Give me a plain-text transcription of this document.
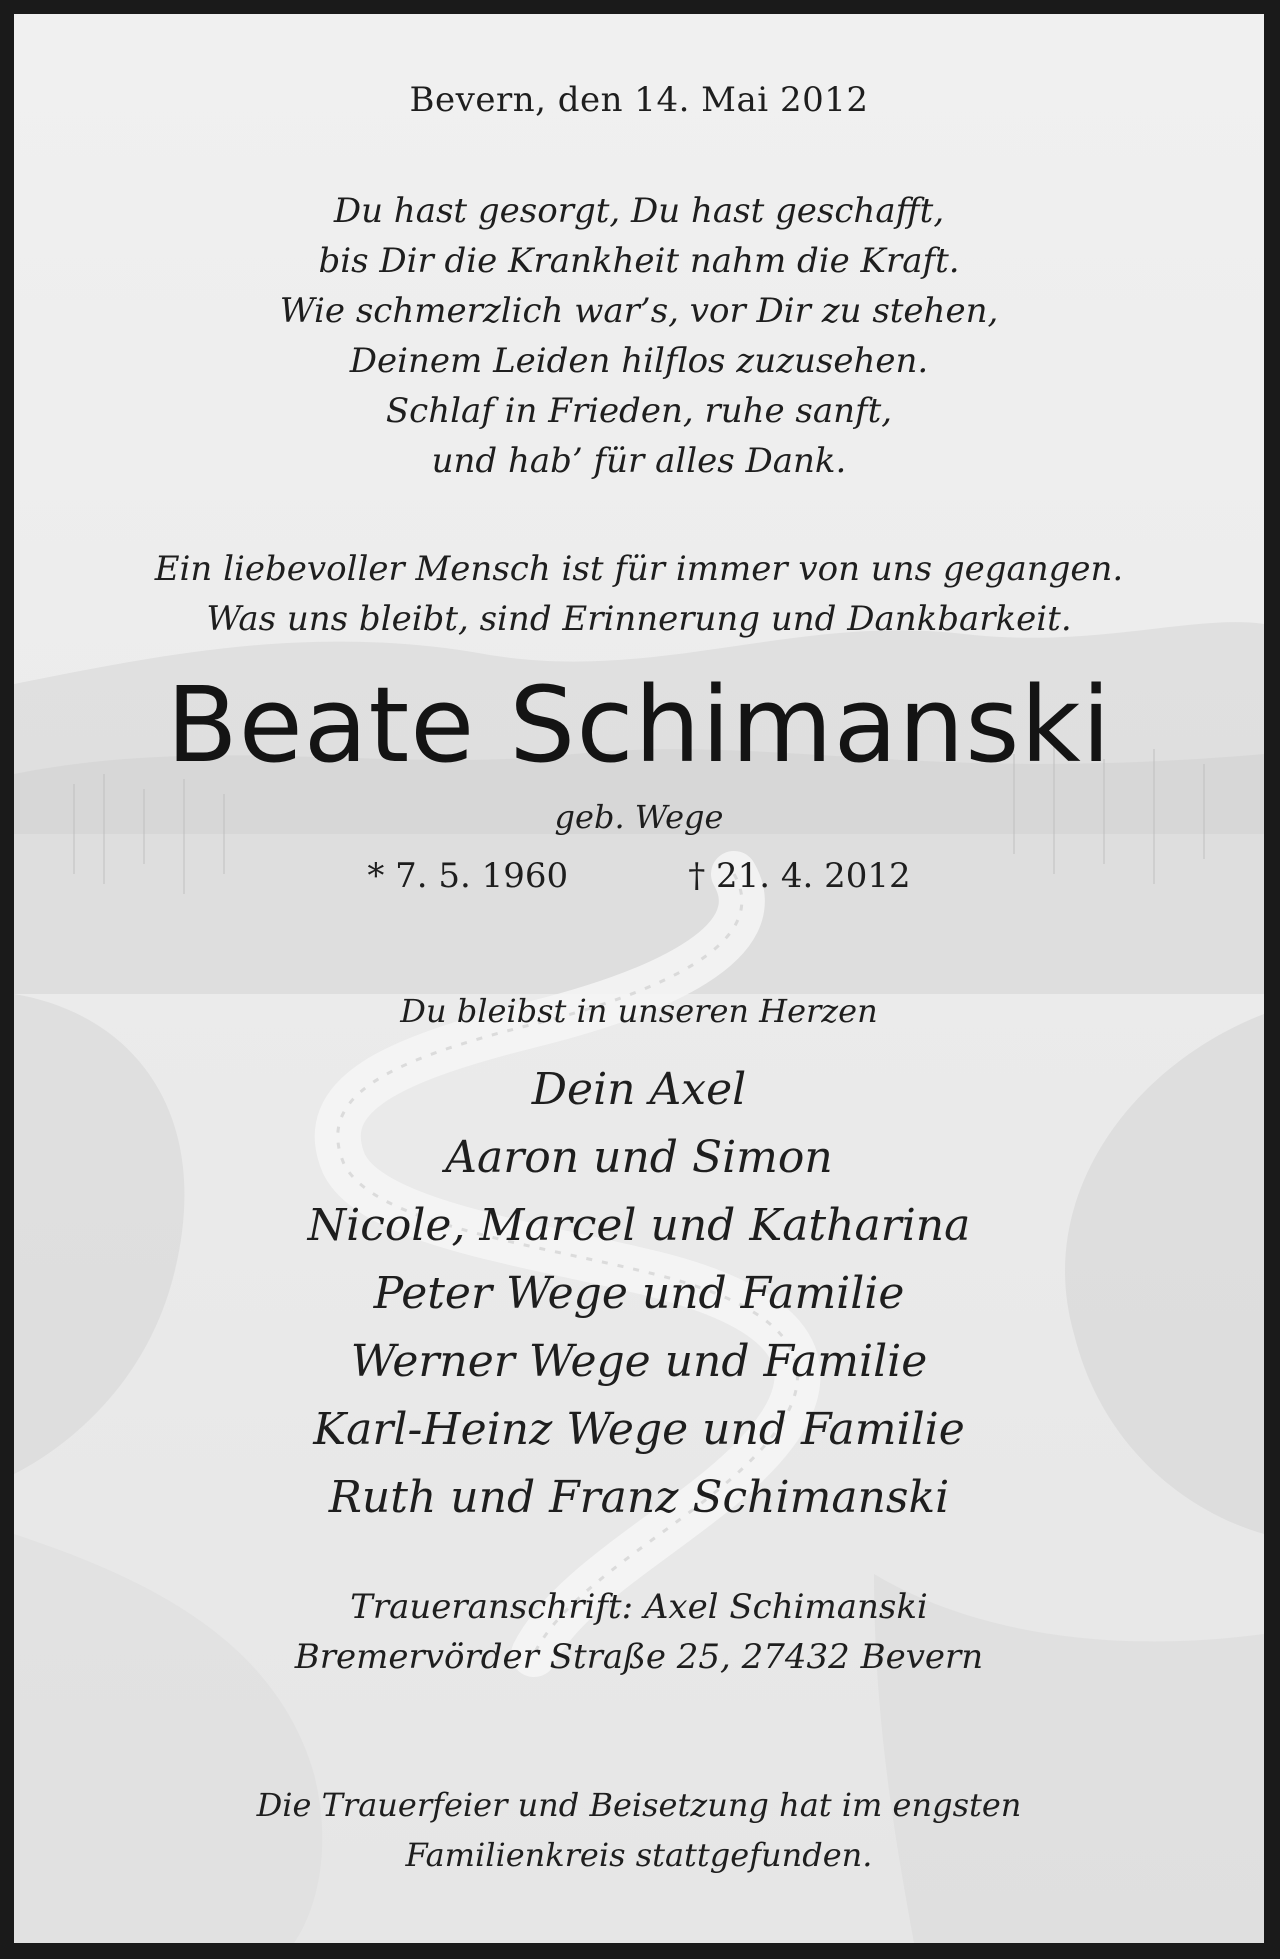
Bevern, den 14. Mai 2012

Du hast gesorgt, Du hast geschafft,

bis Dir die Krankheit nahm die Kraft.

Wie schmerzlich war’s, vor Dir zu stehen,

Deinem Leiden hilflos zuzusehen.

Schlaf in Frieden, ruhe sanft,

und hab’ für alles Dank.

Ein liebevoller Mensch ist für immer von uns gegangen.

Was uns bleibt, sind Erinnerung und Dankbarkeit.

Beate Schimanski

geb. Wege

* 7. 5. 1960	† 21. 4. 2012

Du bleibst in unseren Herzen

Dein Axel

Aaron und Simon

Nicole, Marcel und Katharina

Peter Wege und Familie

Werner Wege und Familie

Karl-Heinz Wege und Familie

Ruth und Franz Schimanski

Traueranschrift: Axel Schimanski

Bremervörder Straße 25, 27432 Bevern

Die Trauerfeier und Beisetzung hat im engsten

Familienkreis stattgefunden.
